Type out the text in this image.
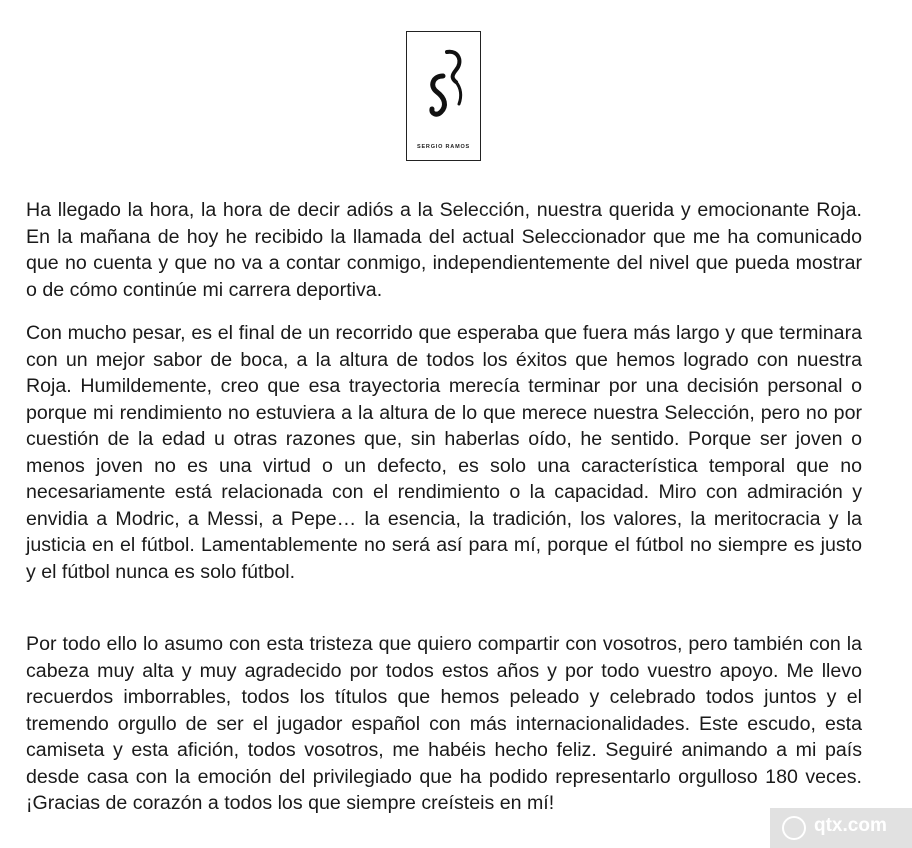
SERGIO RAMOS

Ha llegado la hora, la hora de decir adiós a la Selección, nuestra querida y emocionante Roja. En la mañana de hoy he recibido la llamada del actual Seleccionador que me ha comunicado que no cuenta y que no va a contar conmigo, independientemente del nivel que pueda mostrar o de cómo continúe mi carrera deportiva.

Con mucho pesar, es el final de un recorrido que esperaba que fuera más largo y que terminara con un mejor sabor de boca, a la altura de todos los éxitos que hemos logrado con nuestra Roja. Humildemente, creo que esa trayectoria merecía terminar por una decisión personal o porque mi rendimiento no estuviera a la altura de lo que merece nuestra Selección, pero no por cuestión de la edad u otras razones que, sin haberlas oído, he sentido. Porque ser joven o menos joven no es una virtud o un defecto, es solo una característica temporal que no necesariamente está relacionada con el rendimiento o la capacidad. Miro con admiración y envidia a Modric, a Messi, a Pepe… la esencia, la tradición, los valores, la meritocracia y la justicia en el fútbol. Lamentablemente no será así para mí, porque el fútbol no siempre es justo y el fútbol nunca es solo fútbol.

Por todo ello lo asumo con esta tristeza que quiero compartir con vosotros, pero también con la cabeza muy alta y muy agradecido por todos estos años y por todo vuestro apoyo. Me llevo recuerdos imborrables, todos los títulos que hemos peleado y celebrado todos juntos y el tremendo orgullo de ser el jugador español con más internacionalidades. Este escudo, esta camiseta y esta afición, todos vosotros, me habéis hecho feliz. Seguiré animando a mi país desde casa con la emoción del privilegiado que ha podido representarlo orgulloso 180 veces. ¡Gracias de corazón a todos los que siempre creísteis en mí!

qtx.com
